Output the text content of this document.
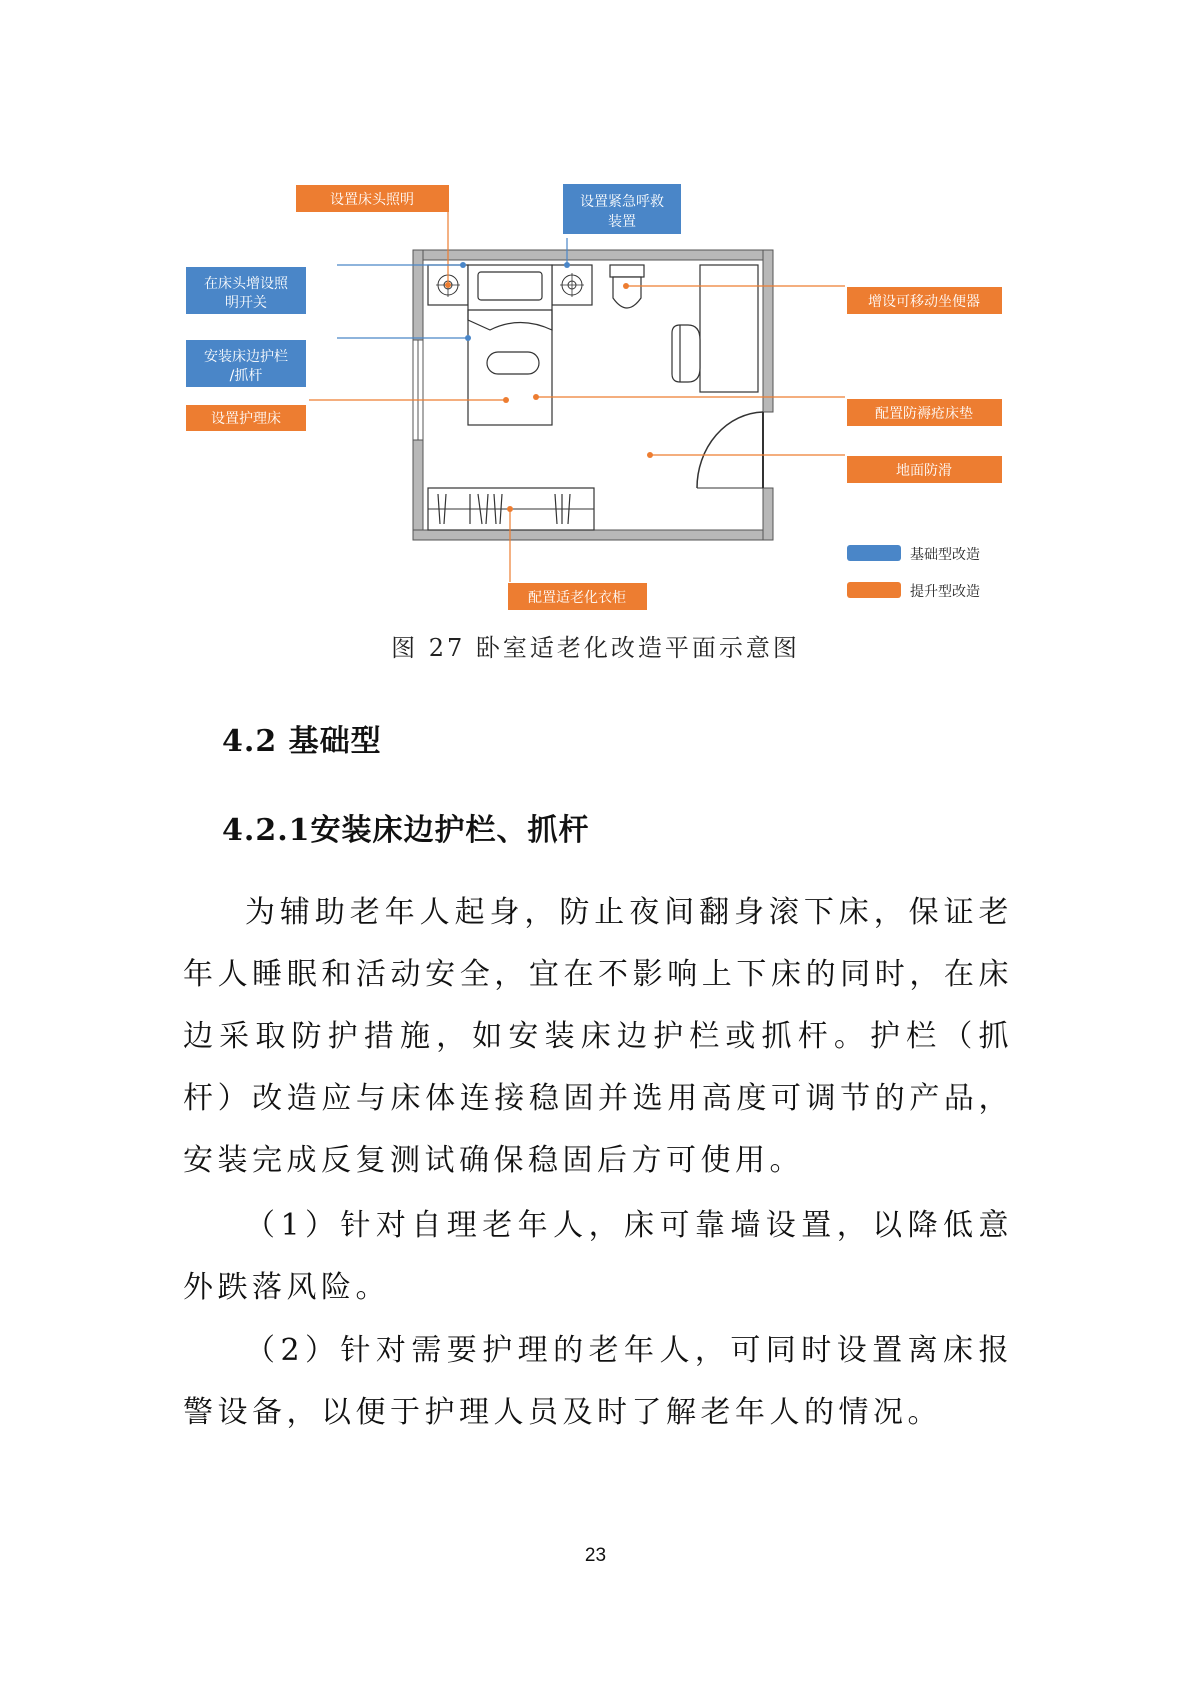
设置床头照明	设置紧急呼救
装置
在床头增设照
明开关
安装床边护栏
/抓杆
设置护理床
增设可移动坐便器
配置防褥疮床垫
地面防滑
配置适老化衣柜
基础型改造
提升型改造
图 27 卧室适老化改造平面示意图
4.2 基础型
4.2.1安装床边护栏、抓杆

为辅助老年人起身，防止夜间翻身滚下床，保证老年人睡眠和活动安全，宜在不影响上下床的同时，在床边采取防护措施，如安装床边护栏或抓杆。护栏（抓杆）改造应与床体连接稳固并选用高度可调节的产品，安装完成反复测试确保稳固后方可使用。

（1）针对自理老年人，床可靠墙设置，以降低意外跌落风险。

（2）针对需要护理的老年人，可同时设置离床报警设备，以便于护理人员及时了解老年人的情况。

23
